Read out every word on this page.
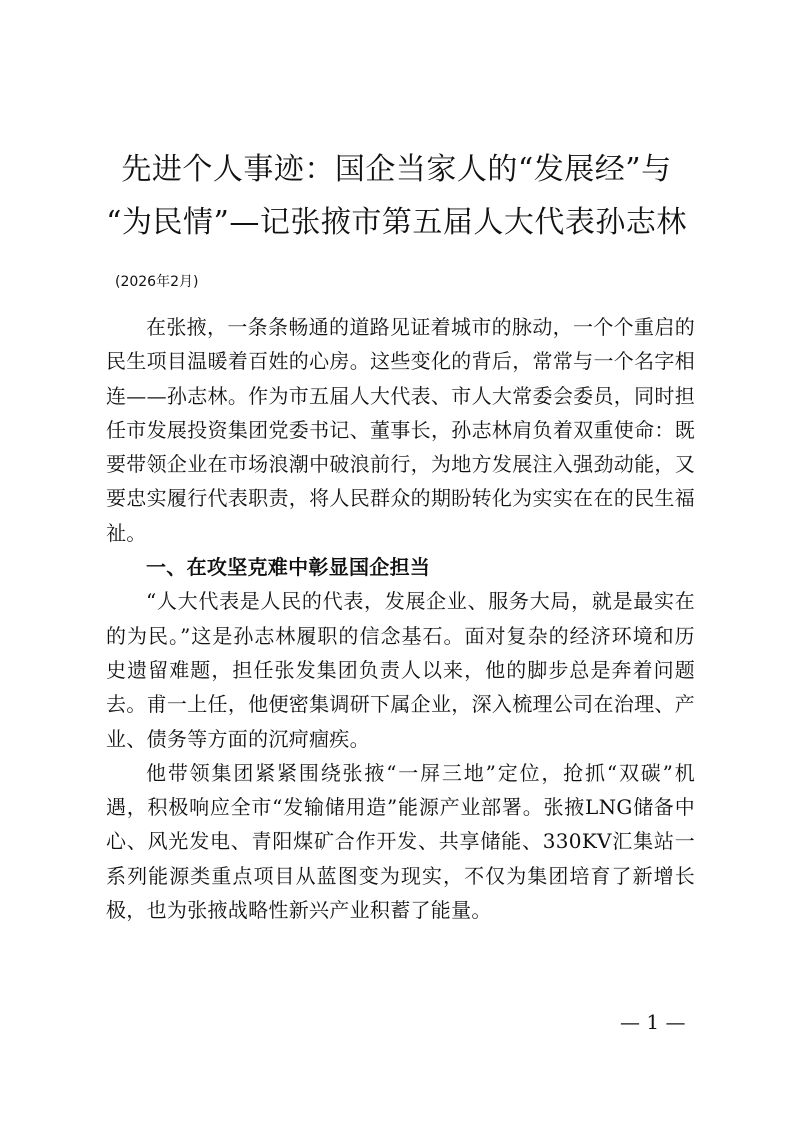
先进个人事迹：国企当家人的“发展经”与
“为民情”—记张掖市第五届人大代表孙志林
(2026年2月)

在张掖，一条条畅通的道路见证着城市的脉动，一个个重启的民生项目温暖着百姓的心房。这些变化的背后，常常与一个名字相连——孙志林。作为市五届人大代表、市人大常委会委员，同时担任市发展投资集团党委书记、董事长，孙志林肩负着双重使命：既要带领企业在市场浪潮中破浪前行，为地方发展注入强劲动能，又要忠实履行代表职责，将人民群众的期盼转化为实实在在的民生福祉。

一、在攻坚克难中彰显国企担当

“人大代表是人民的代表，发展企业、服务大局，就是最实在的为民。”这是孙志林履职的信念基石。面对复杂的经济环境和历史遗留难题，担任张发集团负责人以来，他的脚步总是奔着问题去。甫一上任，他便密集调研下属企业，深入梳理公司在治理、产业、债务等方面的沉疴痼疾。

他带领集团紧紧围绕张掖“一屏三地”定位，抢抓“双碳”机遇，积极响应全市“发输储用造”能源产业部署。张掖LNG储备中心、风光发电、青阳煤矿合作开发、共享储能、330KV汇集站一系列能源类重点项目从蓝图变为现实，不仅为集团培育了新增长极，也为张掖战略性新兴产业积蓄了能量。

— 1 —
